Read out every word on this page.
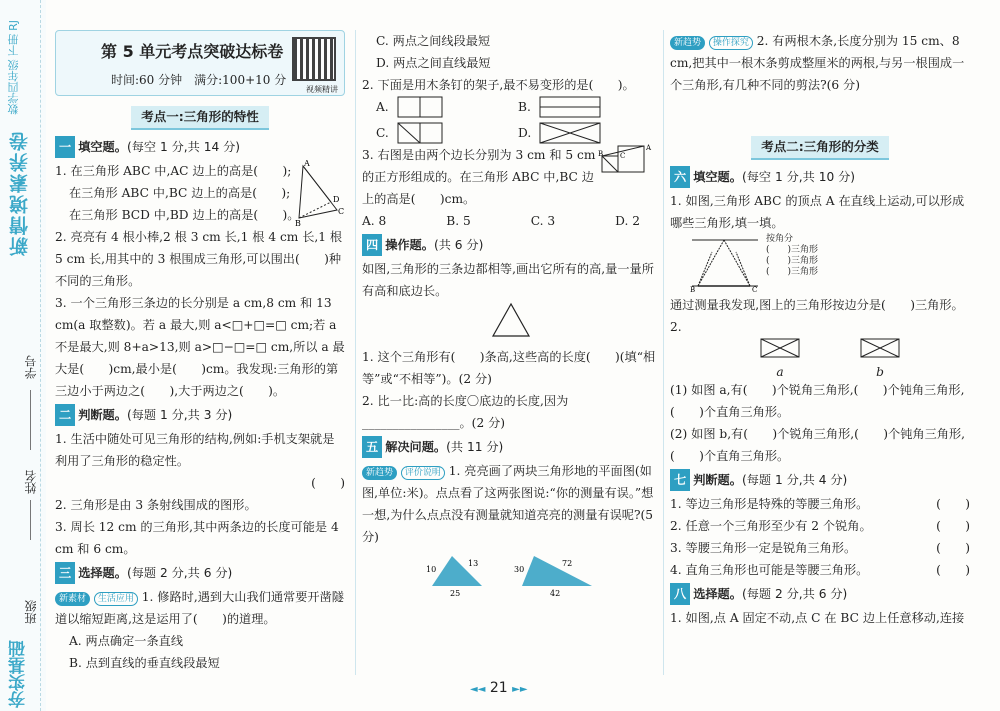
数学四年级 下册 RJ
新情境素养卷
学号
姓名
班级
夯实基础
第 5 单元考点突破达标卷
时间:60 分钟　满分:100+10 分
视频精讲
考点一:三角形的特性
一 填空题。(每空 1 分,共 14 分)

1. 在三角形 ABC 中,AC 边上的高是(　　);

在三角形 ABC 中,BC 边上的高是(　　);

在三角形 BCD 中,BD 边上的高是(　　)。

A
B
C
D

2. 亮亮有 4 根小棒,2 根 3 cm 长,1 根 4 cm 长,1 根 5 cm 长,用其中的 3 根围成三角形,可以围出(　　)种不同的三角形。

3. 一个三角形三条边的长分别是 a cm,8 cm 和 13 cm(a 取整数)。若 a 最大,则 a<□+□=□ cm;若 a 不是最大,则 8+a>13,则 a>□−□=□ cm,所以 a 最大是(　　)cm,最小是(　　)cm。我发现:三角形的第三边小于两边之(　　),大于两边之(　　)。

二 判断题。(每题 1 分,共 3 分)

1. 生活中随处可见三角形的结构,例如:手机支架就是利用了三角形的稳定性。

(　　)

2. 三角形是由 3 条射线围成的图形。

3. 周长 12 cm 的三角形,其中两条边的长度可能是 4 cm 和 6 cm。

三 选择题。(每题 2 分,共 6 分)

新素材 生活应用 1. 修路时,遇到大山我们通常要开凿隧道以缩短距离,这是运用了(　　)的道理。

A. 两点确定一条直线

B. 点到直线的垂直线段最短

C. 两点之间线段最短

D. 两点之间直线最短

2. 下面是用木条钉的架子,最不易变形的是(　　)。

A.	B.
C.	D.

3. 右图是由两个边长分别为 3 cm 和 5 cm 的正方形组成的。在三角形 ABC 中,BC 边上的高是(　　)cm。

B C
A
A. 8	B. 5	C. 3	D. 2
四 操作题。(共 6 分)

如图,三角形的三条边都相等,画出它所有的高,量一量所有高和底边长。

1. 这个三角形有(　　)条高,这些高的长度(　　)(填“相等”或“不相等”)。(2 分)

2. 比一比:高的长度〇底边的长度,因为________________。(2 分)

五 解决问题。(共 11 分)

新趋势 评价说明 1. 亮亮画了两块三角形地的平面图(如图,单位:米)。点点看了这两张图说:“你的测量有误。”想一想,为什么点点没有测量就知道亮亮的测量有误呢?(5 分)

10
13
25
30
72
42

新趋势 操作探究 2. 有两根木条,长度分别为 15 cm、8 cm,把其中一根木条剪成整厘米的两根,与另一根围成一个三角形,有几种不同的剪法?(6 分)

考点二:三角形的分类
六 填空题。(每空 1 分,共 10 分)

1. 如图,三角形 ABC 的顶点 A 在直线上运动,可以形成哪些三角形,填一填。

B	C
按角分
(　　)三角形
(　　)三角形
(　　)三角形

通过测量我发现,图上的三角形按边分是(　　)三角形。

2.

a	b

(1) 如图 a,有(　　)个锐角三角形,(　　)个钝角三角形,(　　)个直角三角形。

(2) 如图 b,有(　　)个锐角三角形,(　　)个钝角三角形,(　　)个直角三角形。

七 判断题。(每题 1 分,共 4 分)
1. 等边三角形是特殊的等腰三角形。	(　　)
2. 任意一个三角形至少有 2 个锐角。	(　　)
3. 等腰三角形一定是锐角三角形。	(　　)
4. 直角三角形也可能是等腰三角形。	(　　)
八 选择题。(每题 2 分,共 6 分)

1. 如图,点 A 固定不动,点 C 在 BC 边上任意移动,连接

◄◄ 21 ►►
